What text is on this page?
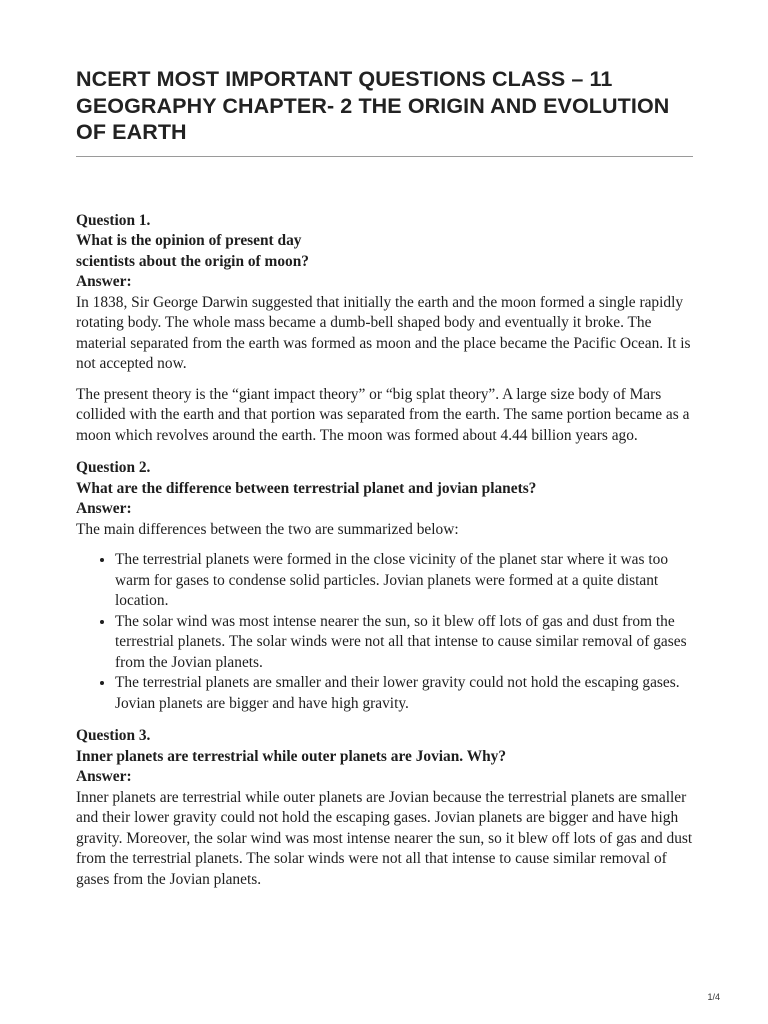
NCERT MOST IMPORTANT QUESTIONS CLASS – 11 GEOGRAPHY CHAPTER- 2 THE ORIGIN AND EVOLUTION OF EARTH
Question 1.
What is the opinion of present day
scientists about the origin of moon?
Answer:

In 1838, Sir George Darwin suggested that initially the earth and the moon formed a single rapidly rotating body. The whole mass became a dumb-bell shaped body and eventually it broke. The material separated from the earth was formed as moon and the place became the Pacific Ocean. It is not accepted now.

The present theory is the “giant impact theory” or “big splat theory”. A large size body of Mars collided with the earth and that portion was separated from the earth. The same portion became as a moon which revolves around the earth. The moon was formed about 4.44 billion years ago.

Question 2.
What are the difference between terrestrial planet and jovian planets?
Answer:

The main differences between the two are summarized below:

• The terrestrial planets were formed in the close vicinity of the planet star where it was too warm for gases to condense solid particles. Jovian planets were formed at a quite distant location.
• The solar wind was most intense nearer the sun, so it blew off lots of gas and dust from the terrestrial planets. The solar winds were not all that intense to cause similar removal of gases from the Jovian planets.
• The terrestrial planets are smaller and their lower gravity could not hold the escaping gases. Jovian planets are bigger and have high gravity.
Question 3.
Inner planets are terrestrial while outer planets are Jovian. Why?
Answer:

Inner planets are terrestrial while outer planets are Jovian because the terrestrial planets are smaller and their lower gravity could not hold the escaping gases. Jovian planets are bigger and have high gravity. Moreover, the solar wind was most intense nearer the sun, so it blew off lots of gas and dust from the terrestrial planets. The solar winds were not all that intense to cause similar removal of gases from the Jovian planets.

1/4
